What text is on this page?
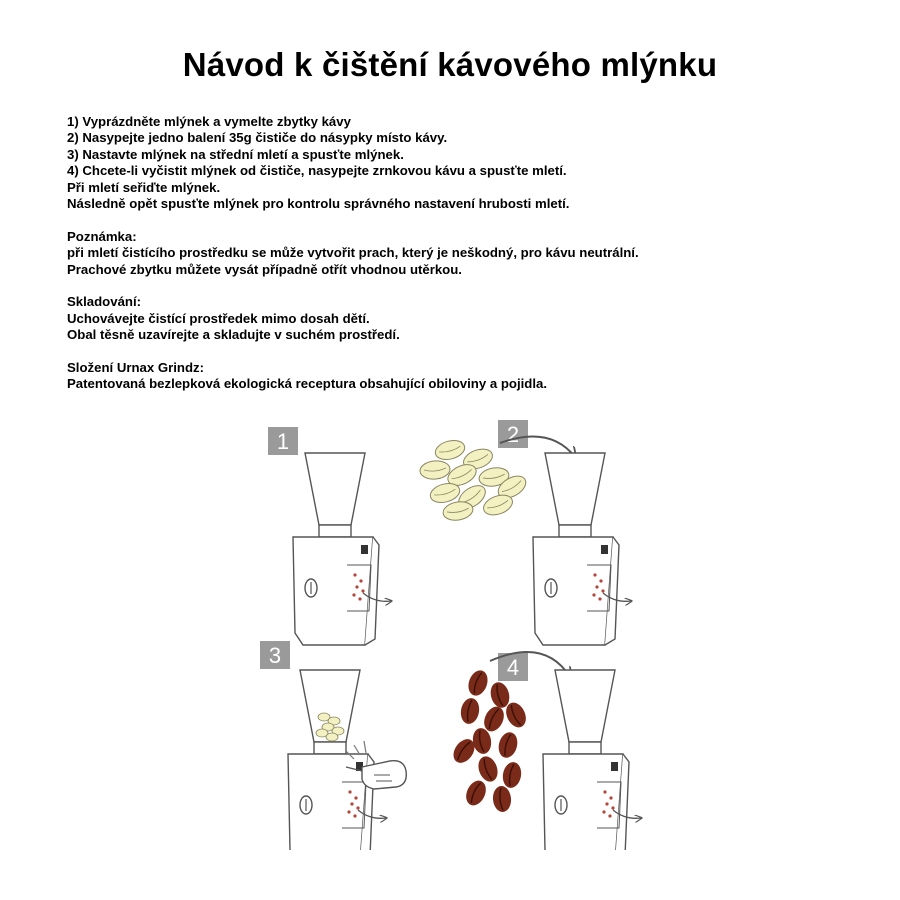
Návod k čištění kávového mlýnku

1) Vyprázdněte mlýnek a vymelte zbytky kávy
2) Nasypejte jedno balení 35g čističe do násypky místo kávy.
3) Nastavte mlýnek na střední mletí a spusťte mlýnek.
4) Chcete-li vyčistit mlýnek od čističe, nasypejte zrnkovou kávu a spusťte mletí.
Při mletí seřiďte mlýnek.
Následně opět spusťte mlýnek pro kontrolu správného nastavení hrubosti mletí.

Poznámka:
při mletí čistícího prostředku se může vytvořit prach, který je neškodný, pro kávu neutrální.
Prachové zbytku můžete vysát případně otřít vhodnou utěrkou.

Skladování:
Uchovávejte čistící prostředek mimo dosah dětí.
Obal těsně uzavírejte a skladujte v suchém prostředí.

Složení Urnax Grindz:
Patentovaná bezlepková ekologická receptura obsahující obiloviny a pojidla.

1	2
3	4
